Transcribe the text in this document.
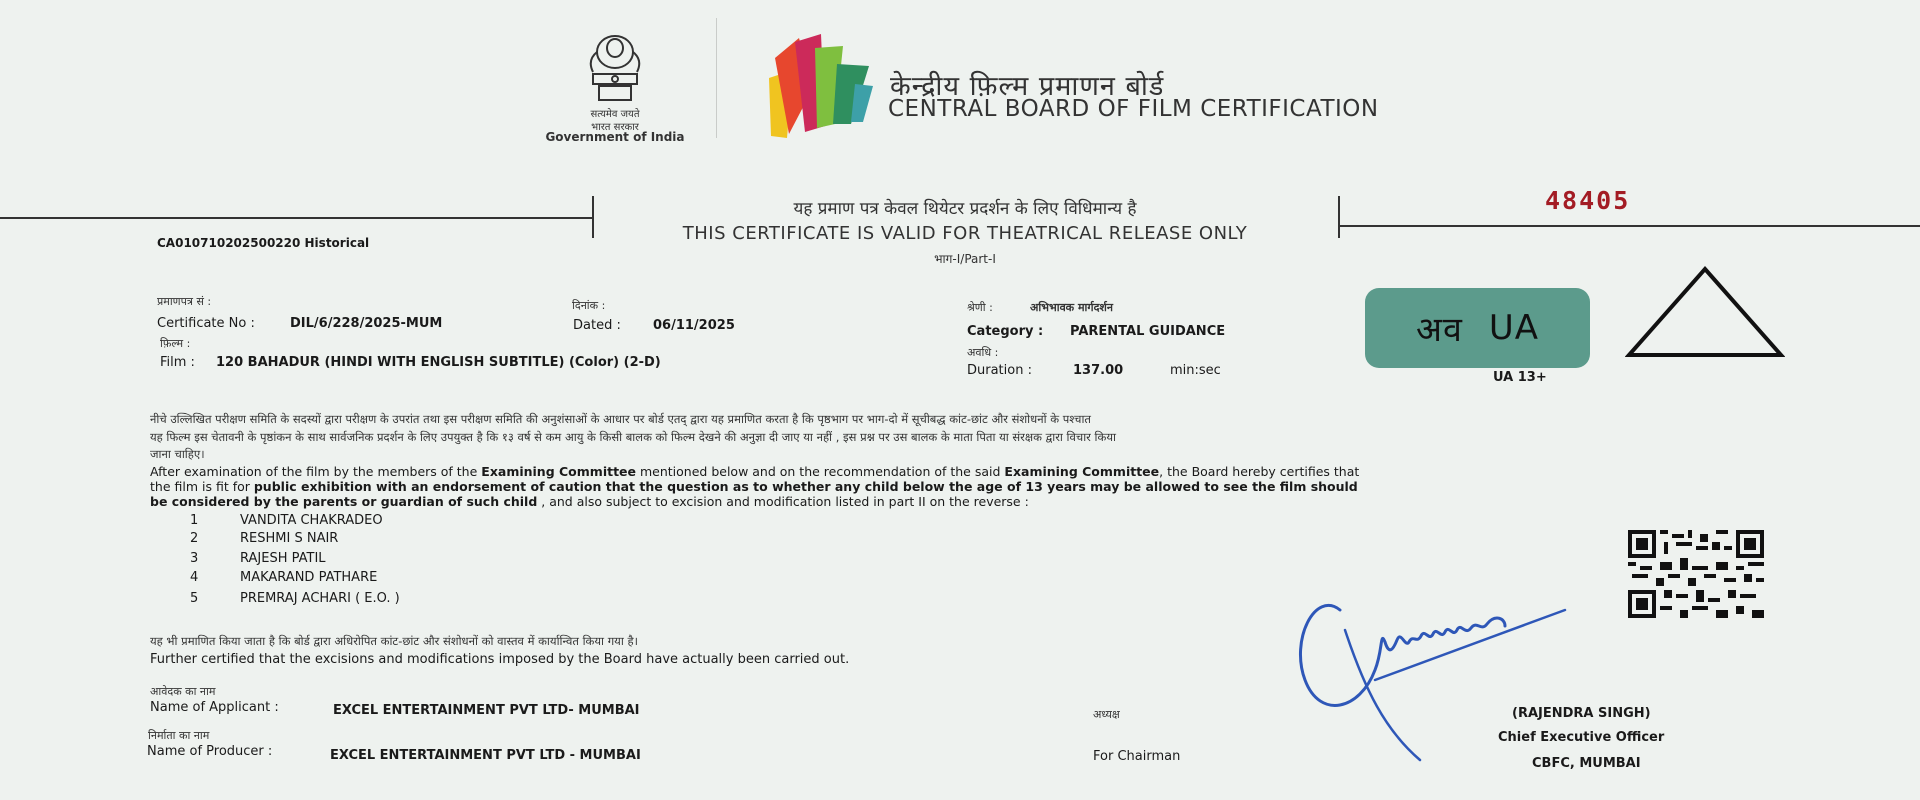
सत्यमेव जयते
भारत सरकार
Government of India
केन्द्रीय फ़िल्म प्रमाणन बोर्ड
CENTRAL BOARD OF FILM CERTIFICATION
यह प्रमाण पत्र केवल थियेटर प्रदर्शन के लिए विधिमान्य है
THIS CERTIFICATE IS VALID FOR THEATRICAL RELEASE ONLY
भाग-I/Part-I
48405
CA010710202500220 Historical
प्रमाणपत्र सं :
Certificate No :	DIL/6/228/2025-MUM
दिनांक :
Dated : 06/11/2025
फ़िल्म :
Film : 120 BAHADUR (HINDI WITH ENGLISH SUBTITLE) (Color) (2-D)
श्रेणी :	अभिभावक मार्गदर्शन
Category : PARENTAL GUIDANCE
अवधि :
Duration :	137.00	min:sec
अव UA
UA 13+
नीचे उल्लिखित परीक्षण समिति के सदस्यों द्वारा परीक्षण के उपरांत तथा इस परीक्षण समिति की अनुशंसाओं के आधार पर बोर्ड एतद् द्वारा यह प्रमाणित करता है कि पृष्ठभाग पर भाग-दो में सूचीबद्ध कांट-छांट और संशोधनों के पश्चात
यह फिल्म इस चेतावनी के पृष्ठांकन के साथ सार्वजनिक प्रदर्शन के लिए उपयुक्त है कि १३ वर्ष से कम आयु के किसी बालक को फिल्म देखने की अनुज्ञा दी जाए या नहीं , इस प्रश्न पर उस बालक के माता पिता या संरक्षक द्वारा विचार किया
जाना चाहिए।
After examination of the film by the members of the Examining Committee mentioned below and on the recommendation of the said Examining Committee, the Board hereby certifies that
the film is fit for public exhibition with an endorsement of caution that the question as to whether any child below the age of 13 years may be allowed to see the film should
be considered by the parents or guardian of such child , and also subject to excision and modification listed in part II on the reverse :
1	VANDITA CHAKRADEO
2	RESHMI S NAIR
3	RAJESH PATIL
4	MAKARAND PATHARE
5	PREMRAJ ACHARI ( E.O. )
यह भी प्रमाणित किया जाता है कि बोर्ड द्वारा अधिरोपित कांट-छांट और संशोधनों को वास्तव में कार्यान्वित किया गया है।
Further certified that the excisions and modifications imposed by the Board have actually been carried out.
आवेदक का नाम
Name of Applicant :	EXCEL ENTERTAINMENT PVT LTD- MUMBAI
निर्माता का नाम
Name of Producer :	EXCEL ENTERTAINMENT PVT LTD - MUMBAI
अध्यक्ष
For Chairman
(RAJENDRA SINGH)
Chief Executive Officer
CBFC, MUMBAI
